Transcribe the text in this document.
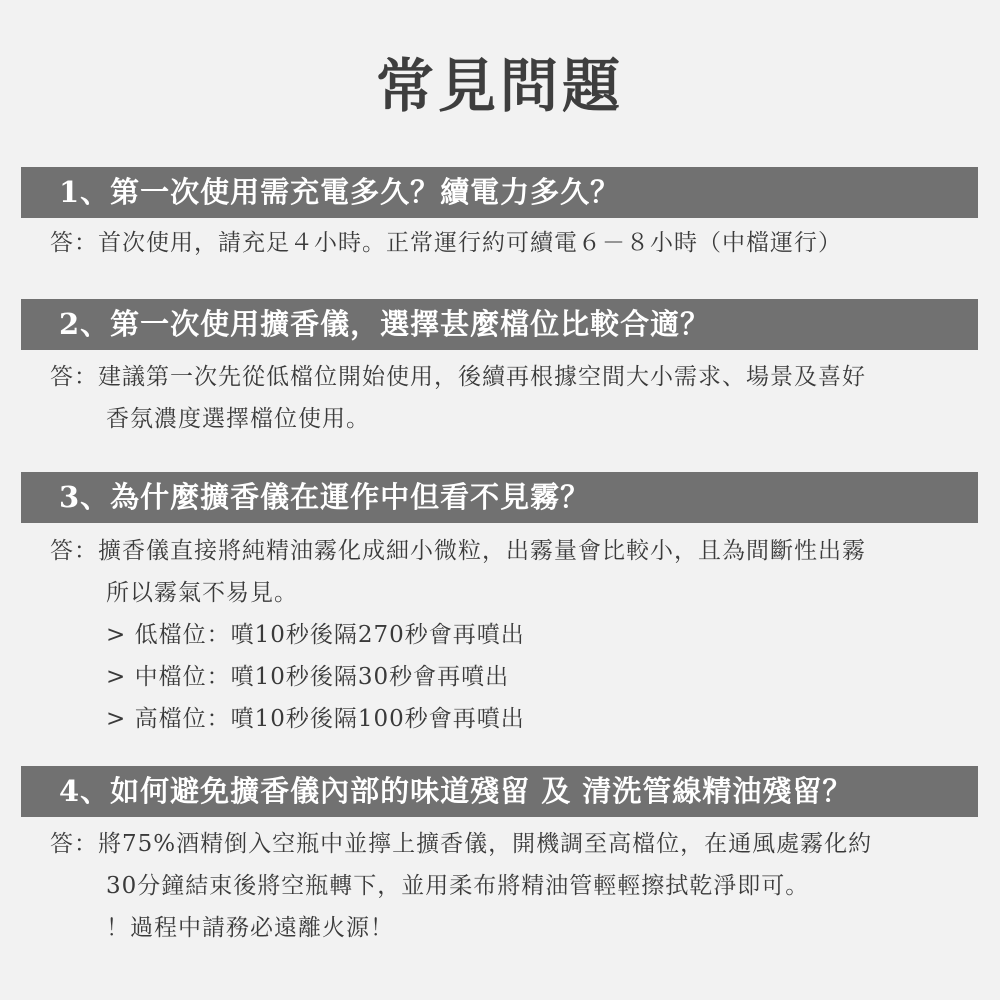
常見問題
1、第一次使用需充電多久？續電力多久？
答：首次使用，請充足４小時。正常運行約可續電６－８小時（中檔運行）
2、第一次使用擴香儀，選擇甚麼檔位比較合適？
答：建議第一次先從低檔位開始使用，後續再根據空間大小需求、場景及喜好
香氛濃度選擇檔位使用。
3、為什麼擴香儀在運作中但看不見霧？
答：擴香儀直接將純精油霧化成細小微粒，出霧量會比較小，且為間斷性出霧
所以霧氣不易見。
> 低檔位：噴10秒後隔270秒會再噴出
> 中檔位：噴10秒後隔30秒會再噴出
> 高檔位：噴10秒後隔100秒會再噴出
4、如何避免擴香儀內部的味道殘留 及 清洗管線精油殘留？
答：將75%酒精倒入空瓶中並擰上擴香儀，開機調至高檔位，在通風處霧化約
30分鐘結束後將空瓶轉下，並用柔布將精油管輕輕擦拭乾淨即可。
！過程中請務必遠離火源！
